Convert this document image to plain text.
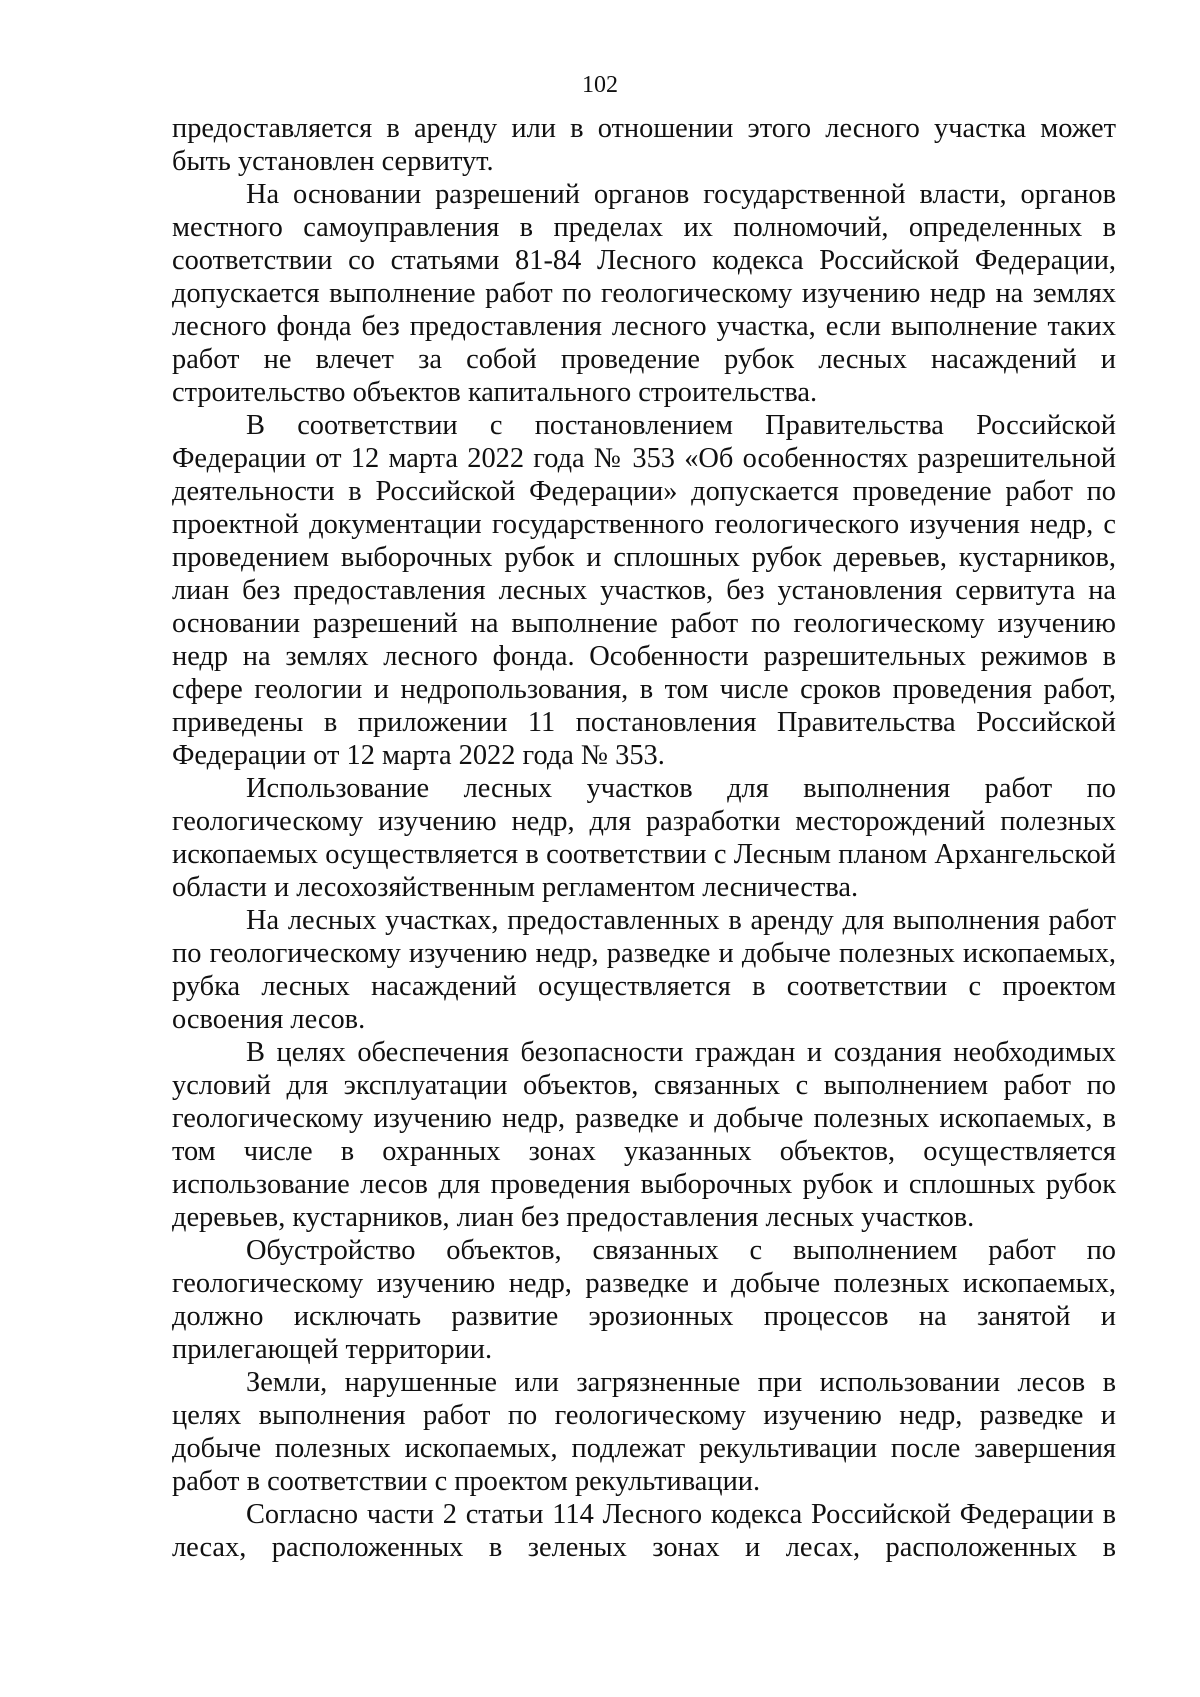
102

предоставляется в аренду или в отношении этого лесного участка может быть установлен сервитут.

На основании разрешений органов государственной власти, органов местного самоуправления в пределах их полномочий, определенных в соответствии со статьями 81-84 Лесного кодекса Российской Федерации, допускается выполнение работ по геологическому изучению недр на землях лесного фонда без предоставления лесного участка, если выполнение таких работ не влечет за собой проведение рубок лесных насаждений и строительство объектов капитального строительства.

В соответствии с постановлением Правительства Российской Федерации от 12 марта 2022 года № 353 «Об особенностях разрешительной деятельности в Российской Федерации» допускается проведение работ по проектной документации государственного геологического изучения недр, с проведением выборочных рубок и сплошных рубок деревьев, кустарников, лиан без предоставления лесных участков, без установления сервитута на основании разрешений на выполнение работ по геологическому изучению недр на землях лесного фонда. Особенности разрешительных режимов в сфере геологии и недропользования, в том числе сроков проведения работ, приведены в приложении 11 постановления Правительства Российской Федерации от 12 марта 2022 года № 353.

Использование лесных участков для выполнения работ по геологическому изучению недр, для разработки месторождений полезных ископаемых осуществляется в соответствии с Лесным планом Архангельской области и лесохозяйственным регламентом лесничества.

На лесных участках, предоставленных в аренду для выполнения работ по геологическому изучению недр, разведке и добыче полезных ископаемых, рубка лесных насаждений осуществляется в соответствии с проектом освоения лесов.

В целях обеспечения безопасности граждан и создания необходимых условий для эксплуатации объектов, связанных с выполнением работ по геологическому изучению недр, разведке и добыче полезных ископаемых, в том числе в охранных зонах указанных объектов, осуществляется использование лесов для проведения выборочных рубок и сплошных рубок деревьев, кустарников, лиан без предоставления лесных участков.

Обустройство объектов, связанных с выполнением работ по геологическому изучению недр, разведке и добыче полезных ископаемых, должно исключать развитие эрозионных процессов на занятой и прилегающей территории.

Земли, нарушенные или загрязненные при использовании лесов в целях выполнения работ по геологическому изучению недр, разведке и добыче полезных ископаемых, подлежат рекультивации после завершения работ в соответствии с проектом рекультивации.

Согласно части 2 статьи 114 Лесного кодекса Российской Федерации в лесах, расположенных в зеленых зонах и лесах, расположенных в
